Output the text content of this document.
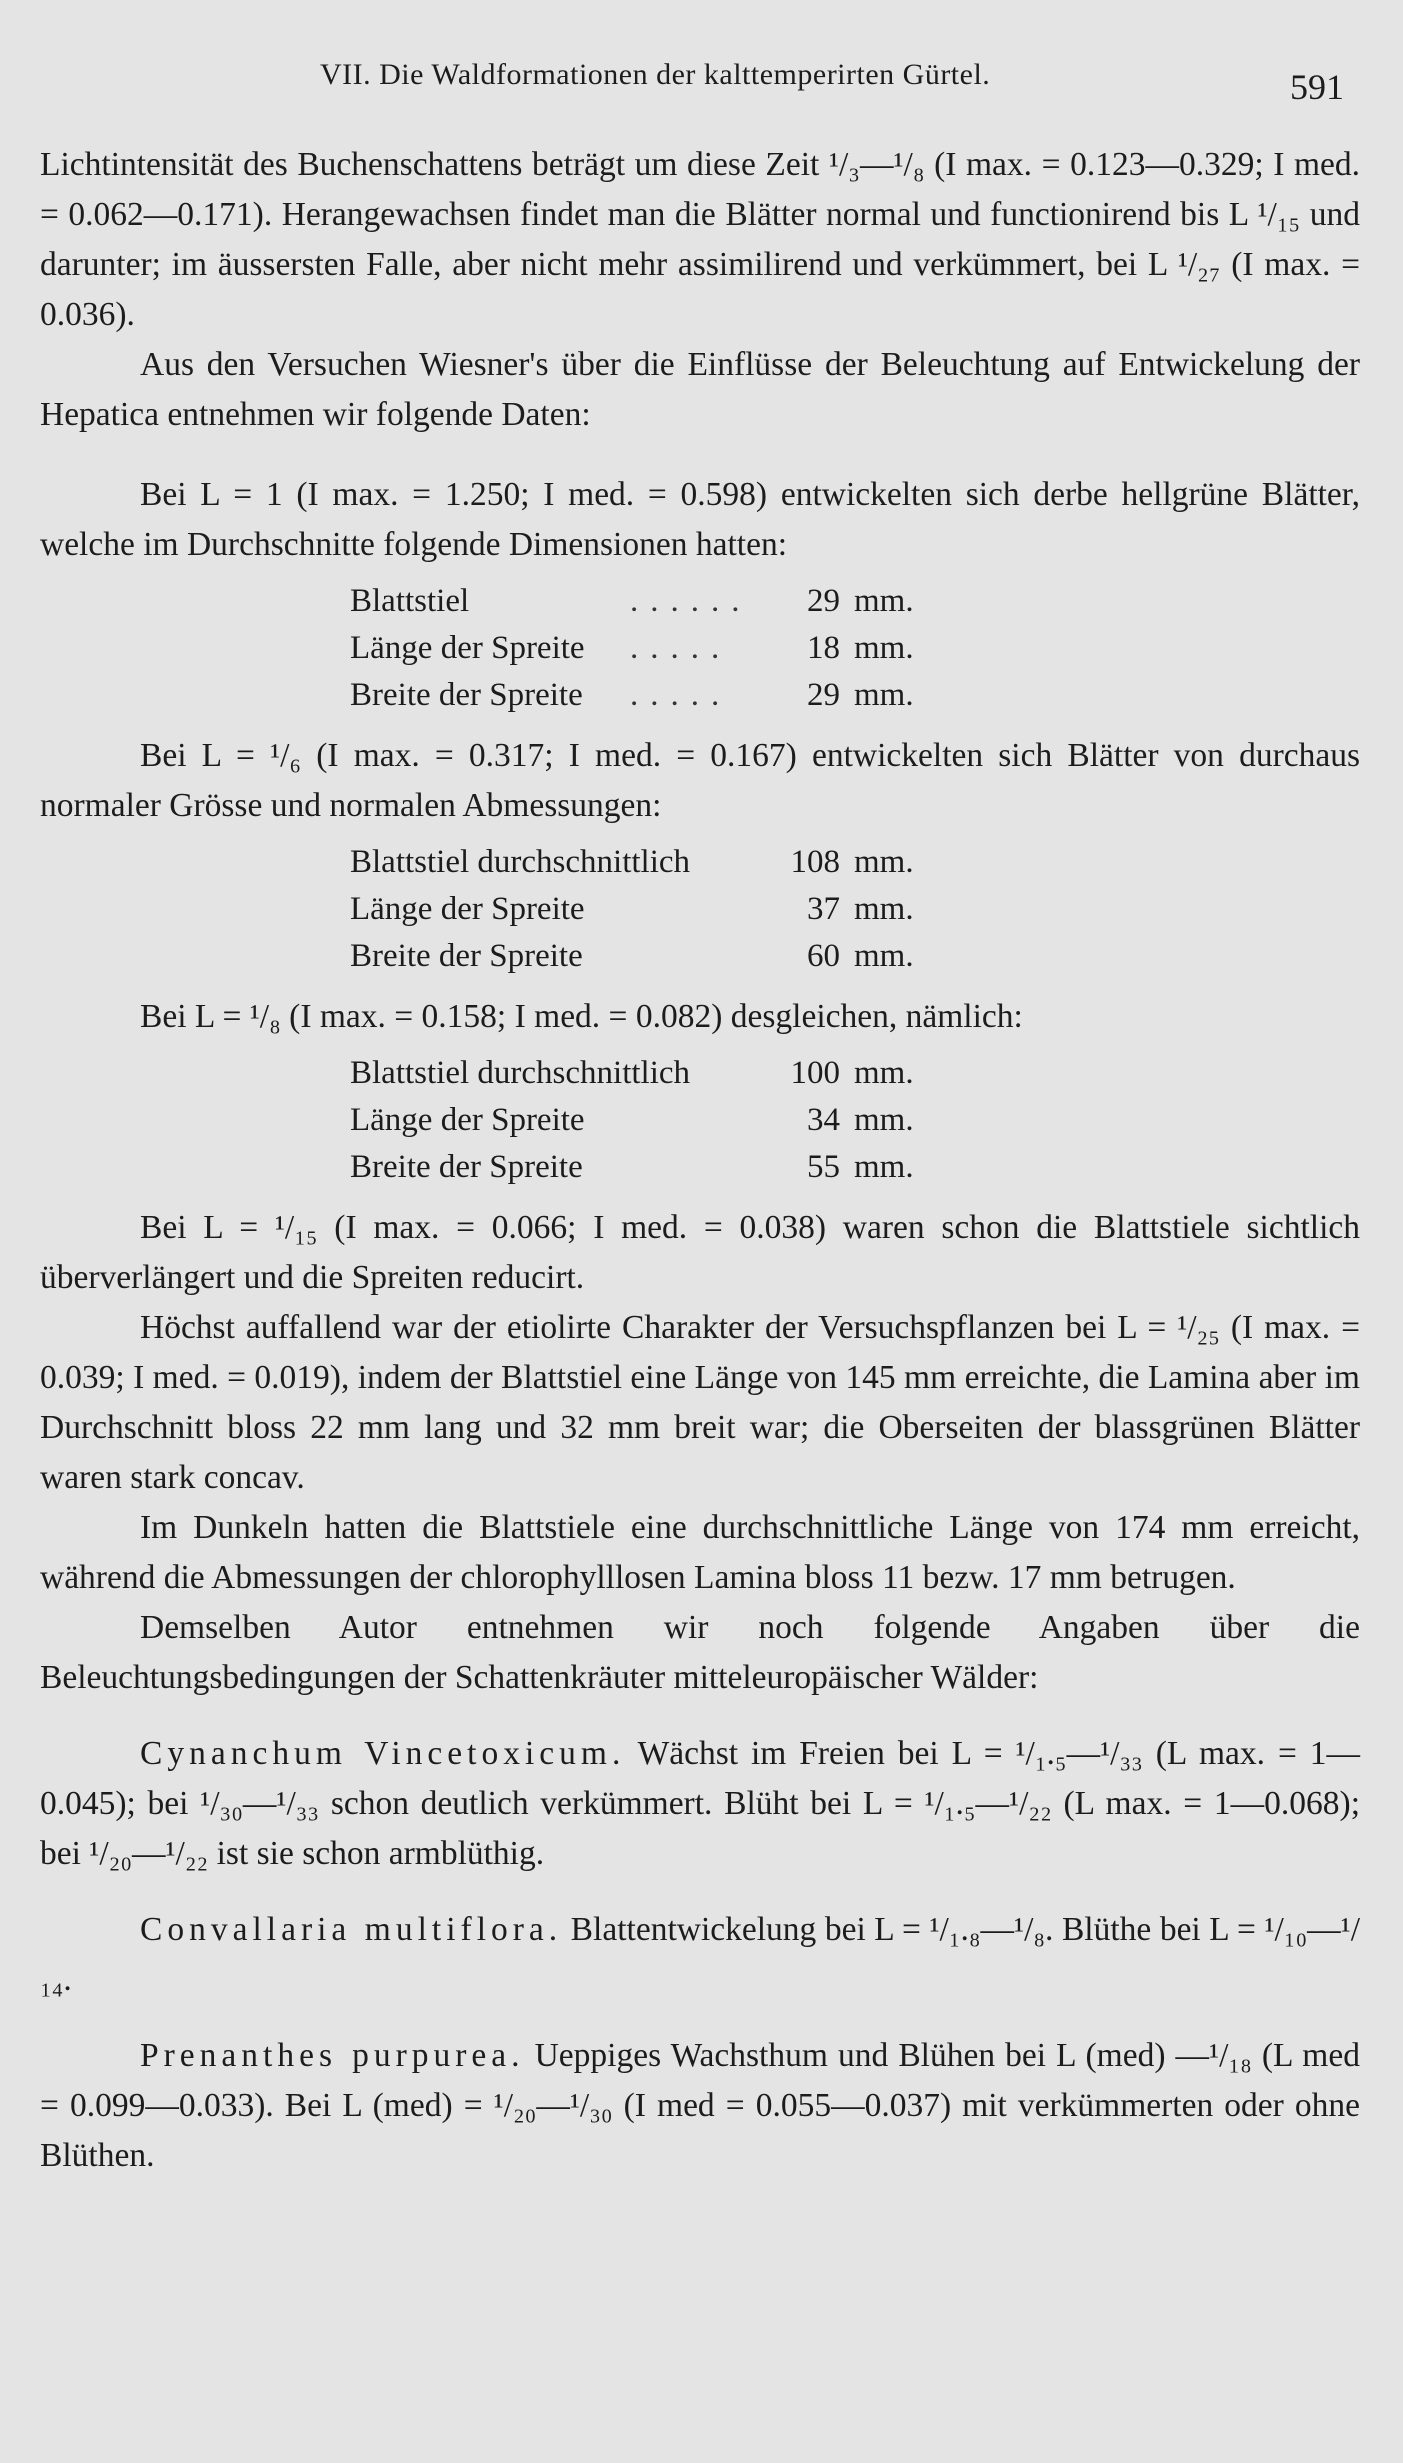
VII. Die Waldformationen der kalttemperirten Gürtel.	591

Lichtintensität des Buchenschattens beträgt um diese Zeit ¹/₃—¹/₈ (I max. = 0.123—0.329; I med. = 0.062—0.171). Herangewachsen findet man die Blätter normal und functionirend bis L ¹/₁₅ und darunter; im äussersten Falle, aber nicht mehr assimilirend und verkümmert, bei L ¹/₂₇ (I max. = 0.036).

Aus den Versuchen Wiesner's über die Einflüsse der Beleuchtung auf Entwickelung der Hepatica entnehmen wir folgende Daten:

Bei L = 1 (I max. = 1.250; I med. = 0.598) entwickelten sich derbe hellgrüne Blätter, welche im Durchschnitte folgende Dimensionen hatten:

Blattstiel	......	29	mm.
Länge der Spreite	.....	18	mm.
Breite der Spreite	.....	29	mm.

Bei L = ¹/₆ (I max. = 0.317; I med. = 0.167) entwickelten sich Blätter von durchaus normaler Grösse und normalen Abmessungen:

Blattstiel durchschnittlich		108	mm.
Länge der Spreite		37	mm.
Breite der Spreite		60	mm.

Bei L = ¹/₈ (I max. = 0.158; I med. = 0.082) desgleichen, nämlich:

Blattstiel durchschnittlich		100	mm.
Länge der Spreite		34	mm.
Breite der Spreite		55	mm.

Bei L = ¹/₁₅ (I max. = 0.066; I med. = 0.038) waren schon die Blattstiele sichtlich überverlängert und die Spreiten reducirt.

Höchst auffallend war der etiolirte Charakter der Versuchspflanzen bei L = ¹/₂₅ (I max. = 0.039; I med. = 0.019), indem der Blattstiel eine Länge von 145 mm erreichte, die Lamina aber im Durchschnitt bloss 22 mm lang und 32 mm breit war; die Oberseiten der blassgrünen Blätter waren stark concav.

Im Dunkeln hatten die Blattstiele eine durchschnittliche Länge von 174 mm erreicht, während die Abmessungen der chlorophylllosen Lamina bloss 11 bezw. 17 mm betrugen.

Demselben Autor entnehmen wir noch folgende Angaben über die Beleuchtungsbedingungen der Schattenkräuter mitteleuropäischer Wälder:

Cynanchum Vincetoxicum. Wächst im Freien bei L = ¹/₁.₅—¹/₃₃ (L max. = 1—0.045); bei ¹/₃₀—¹/₃₃ schon deutlich verkümmert. Blüht bei L = ¹/₁.₅—¹/₂₂ (L max. = 1—0.068); bei ¹/₂₀—¹/₂₂ ist sie schon armblüthig.

Convallaria multiflora. Blattentwickelung bei L = ¹/₁.₈—¹/₈. Blüthe bei L = ¹/₁₀—¹/₁₄.

Prenanthes purpurea. Ueppiges Wachsthum und Blühen bei L (med) —¹/₁₈ (L med = 0.099—0.033). Bei L (med) = ¹/₂₀—¹/₃₀ (I med = 0.055—0.037) mit verkümmerten oder ohne Blüthen.
